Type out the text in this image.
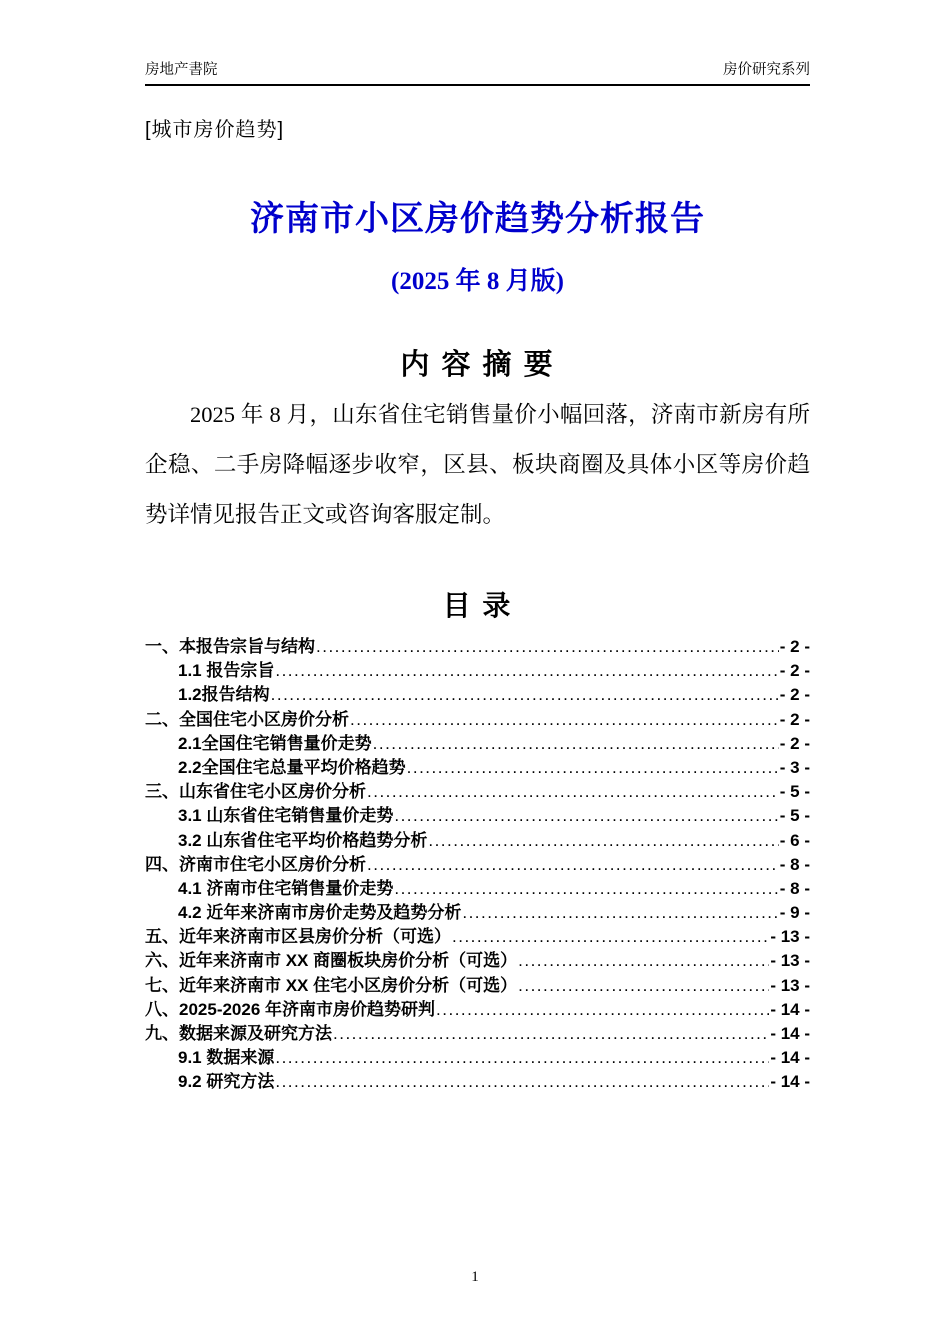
房地产書院	房价研究系列
[城市房价趋势]
济南市小区房价趋势分析报告
(2025 年 8 月版)
内 容 摘 要

2025 年 8 月，山东省住宅销售量价小幅回落，济南市新房有所企稳、二手房降幅逐步收窄，区县、板块商圈及具体小区等房价趋势详情见报告正文或咨询客服定制。

目 录
一、本报告宗旨与结构 .....	- 2 -
1.1 报告宗旨 .....	- 2 -
1.2报告结构 .....	- 2 -
二、全国住宅小区房价分析 .....	- 2 -
2.1全国住宅销售量价走势 .....	- 2 -
2.2全国住宅总量平均价格趋势 .....	- 3 -
三、山东省住宅小区房价分析 .....	- 5 -
3.1 山东省住宅销售量价走势 .....	- 5 -
3.2 山东省住宅平均价格趋势分析 .....	- 6 -
四、济南市住宅小区房价分析 .....	- 8 -
4.1 济南市住宅销售量价走势 .....	- 8 -
4.2 近年来济南市房价走势及趋势分析 .....	- 9 -
五、近年来济南市区县房价分析（可选） .....	- 13 -
六、近年来济南市 XX 商圈板块房价分析（可选） .....	- 13 -
七、近年来济南市 XX 住宅小区房价分析（可选） .....	- 13 -
八、2025-2026 年济南市房价趋势研判 .....	- 14 -
九、数据来源及研究方法 .....	- 14 -
9.1 数据来源 .....	- 14 -
9.2 研究方法 .....	- 14 -
1
